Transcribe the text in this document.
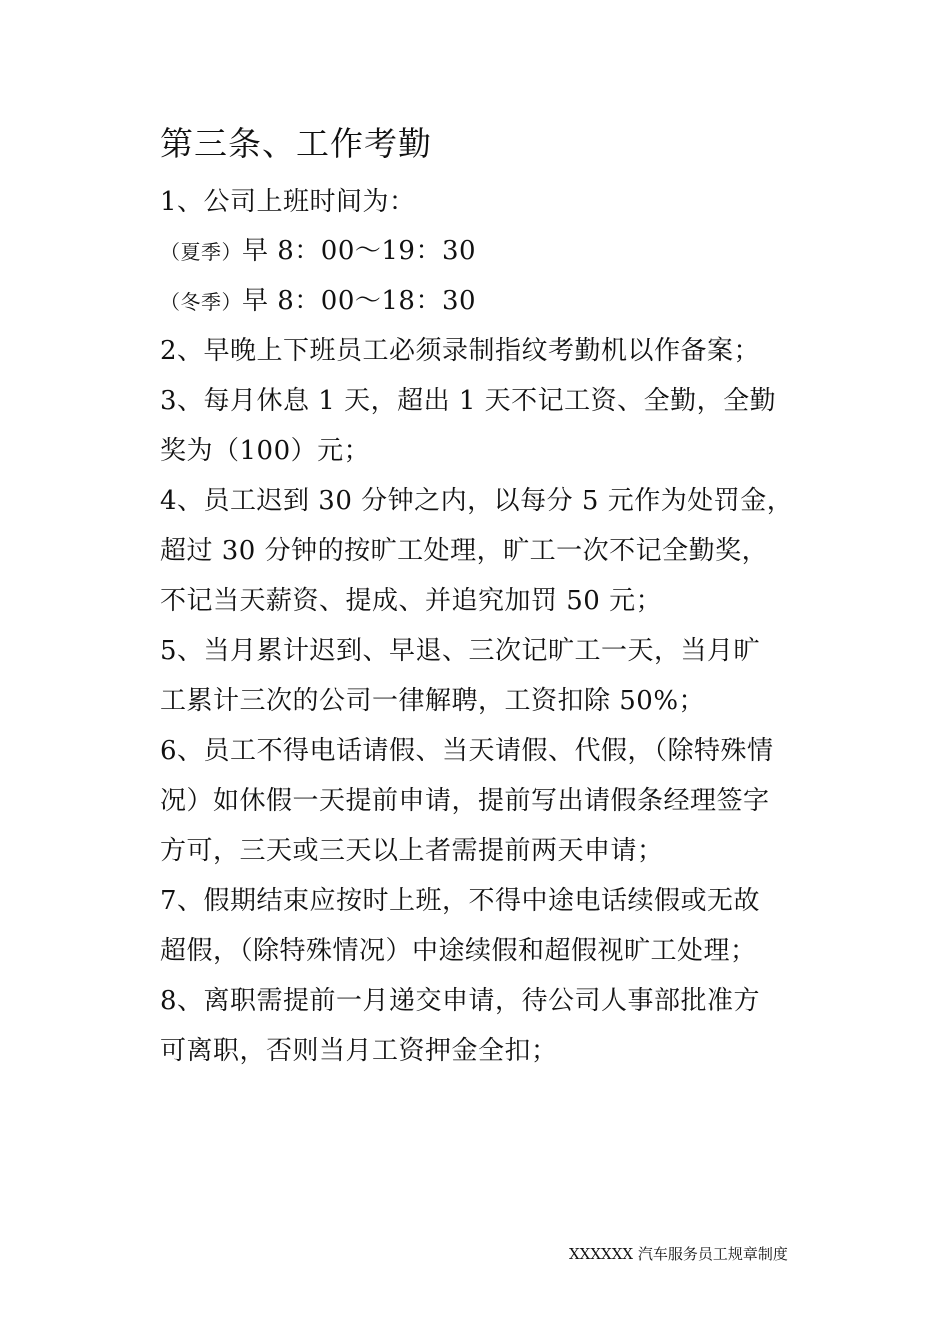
第三条、工作考勤
1、公司上班时间为：
（夏季）早 8：00～19：30
（冬季）早 8：00～18：30
2、早晚上下班员工必须录制指纹考勤机以作备案；
3、每月休息 1 天，超出 1 天不记工资、全勤，全勤
奖为（100）元；
4、员工迟到 30 分钟之内，以每分 5 元作为处罚金，
超过 30 分钟的按旷工处理，旷工一次不记全勤奖，
不记当天薪资、提成、并追究加罚 50 元；
5、当月累计迟到、早退、三次记旷工一天，当月旷
工累计三次的公司一律解聘，工资扣除 50%；
6、员工不得电话请假、当天请假、代假，（除特殊情
况）如休假一天提前申请，提前写出请假条经理签字
方可，三天或三天以上者需提前两天申请；
7、假期结束应按时上班，不得中途电话续假或无故
超假，（除特殊情况）中途续假和超假视旷工处理；
8、离职需提前一月递交申请，待公司人事部批准方
可离职，否则当月工资押金全扣；
XXXXXX 汽车服务员工规章制度
